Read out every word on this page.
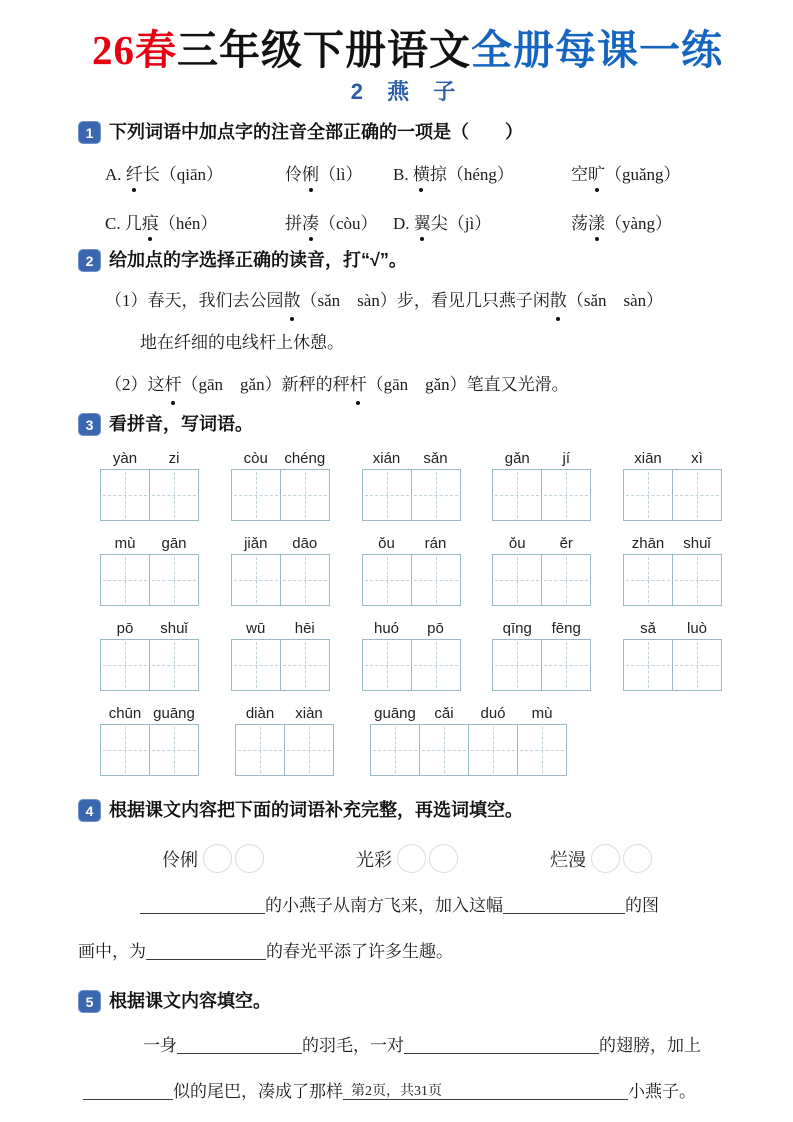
26春三年级下册语文全册每课一练
2 燕 子
1 下列词语中加点字的注音全部正确的一项是（　　）
A. 纤长（qiān）	伶俐（lì）	B. 横掠（héng）	空旷（guǎng）
C. 几痕（hén）	拼凑（còu） D. 翼尖（jì）	荡漾（yàng）
2 给加点的字选择正确的读音，打“√”。
（1）春天，我们去公园散（sǎn　sàn）步，看见几只燕子闲散（sǎn　sàn）
地在纤细的电线杆上休憩。
（2）这杆（gān　gǎn）新秤的秤杆（gān　gǎn）笔直又光滑。
3 看拼音，写词语。
yàn	zi	còu	chéng	xián	sǎn	gǎn	jí	xiān	xì
mù	gān	jiǎn	dāo	ǒu	rán	ǒu	ěr	zhān	shuǐ
pō	shuǐ	wū	hēi	huó	pō	qīng	fēng	sǎ	luò
chūn guāng	diàn	xiàn	guāng	cǎi	duó	mù
4 根据课文内容把下面的词语补充完整，再选词填空。
伶俐	光彩	烂漫
的小燕子从南方飞来，加入这幅	的图
画中，为	的春光平添了许多生趣。
5 根据课文内容填空。
一身	的羽毛，一对	的翅膀，加上
似的尾巴，凑成了那样	小燕子。
第2页，共31页
